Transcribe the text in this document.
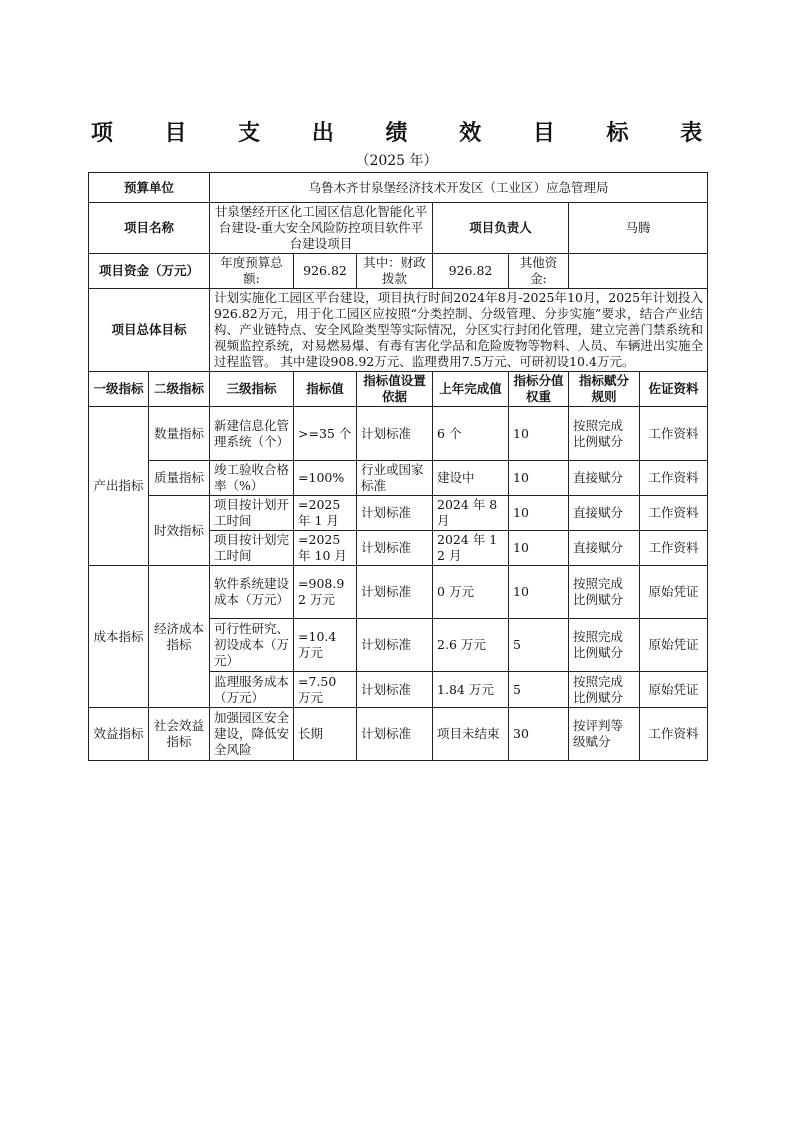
项 目 支 出 绩 效 目 标 表
（2025 年）
预算单位		乌鲁木齐甘泉堡经济技术开发区（工业区）应急管理局						
项目名称		甘泉堡经开区化工园区信息化智能化平台建设-重大安全风险防控项目软件平台建设项目			项目负责人		马腾	
项目资金（万元）		年度预算总额:	926.82	其中：财政拨款	926.82	其他资金:		
项目总体目标		计划实施化工园区平台建设，项目执行时间2024年8月-2025年10月，2025年计划投入926.82万元，用于化工园区应按照“分类控制、分级管理、分步实施”要求，结合产业结构、产业链特点、安全风险类型等实际情况，分区实行封闭化管理，建立完善门禁系统和视频监控系统，对易燃易爆、有毒有害化学品和危险废物等物料、人员、车辆进出实施全过程监管。 其中建设908.92万元、监理费用7.5万元、可研初设10.4万元。						
一级指标	二级指标	三级指标	指标值	指标值设置依据	上年完成值	指标分值权重	指标赋分规则	佐证资料
产出指标	数量指标	新建信息化管理系统（个）	>=35 个	计划标准	6 个	10	按照完成比例赋分	工作资料
	质量指标	竣工验收合格率（%）	=100%	行业或国家标准	建设中	10	直接赋分	工作资料
	时效指标	项目按计划开工时间	=2025 年 1 月	计划标准	2024 年 8 月	10	直接赋分	工作资料
		项目按计划完工时间	=2025 年 10 月	计划标准	2024 年 12 月	10	直接赋分	工作资料
成本指标	经济成本指标	软件系统建设成本（万元）	=908.92 万元	计划标准	0 万元	10	按照完成比例赋分	原始凭证
		可行性研究、初设成本（万元）	=10.4 万元	计划标准	2.6 万元	5	按照完成比例赋分	原始凭证
		监理服务成本（万元）	=7.50 万元	计划标准	1.84 万元	5	按照完成比例赋分	原始凭证
效益指标	社会效益指标	加强园区安全建设，降低安全风险	长期	计划标准	项目未结束	30	按评判等级赋分	工作资料
